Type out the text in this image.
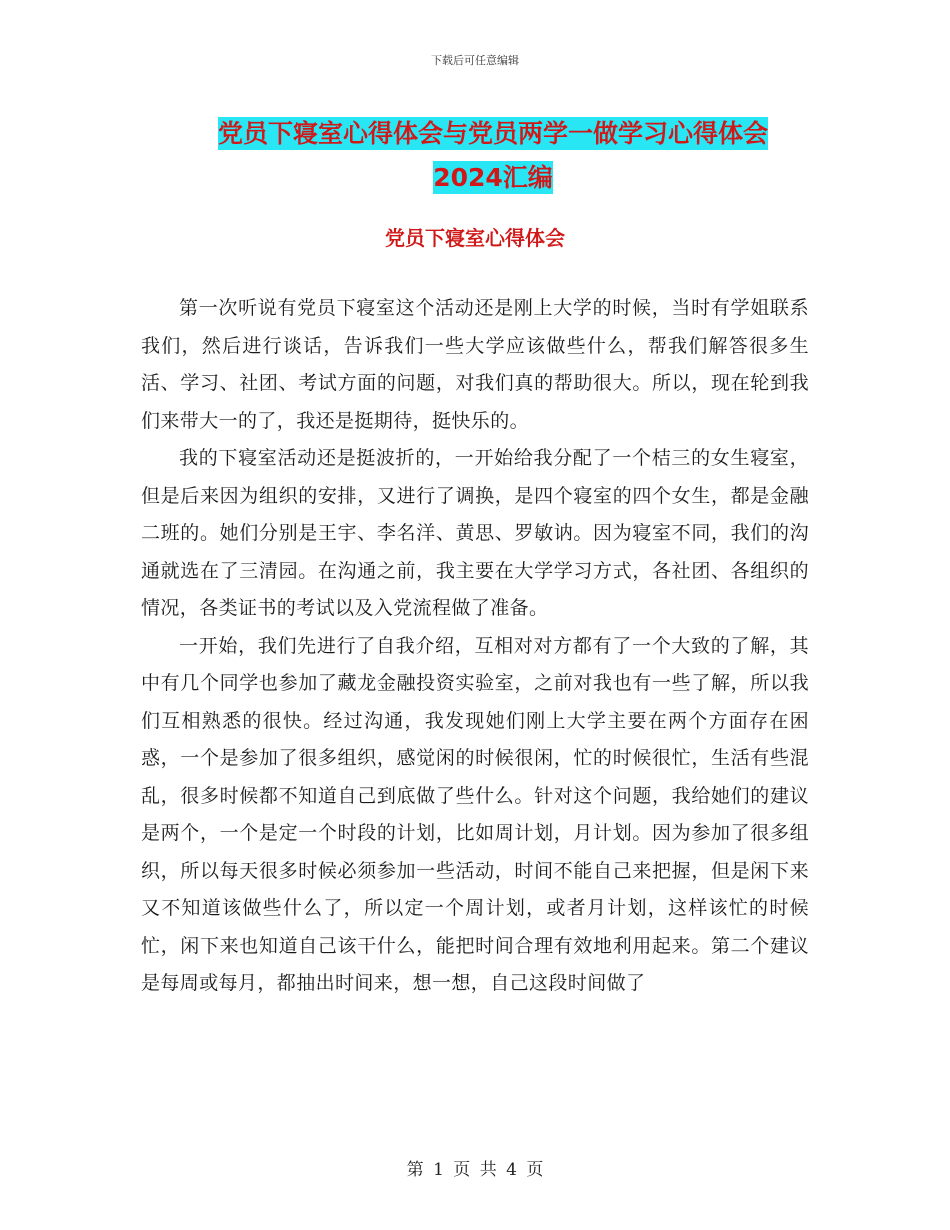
下载后可任意编辑
党员下寝室心得体会与党员两学一做学习心得体会
2024汇编
党员下寝室心得体会

第一次听说有党员下寝室这个活动还是刚上大学的时候，当时有学姐联系我们，然后进行谈话，告诉我们一些大学应该做些什么，帮我们解答很多生活、学习、社团、考试方面的问题，对我们真的帮助很大。所以，现在轮到我们来带大一的了，我还是挺期待，挺快乐的。

我的下寝室活动还是挺波折的，一开始给我分配了一个桔三的女生寝室，但是后来因为组织的安排，又进行了调换，是四个寝室的四个女生，都是金融二班的。她们分别是王宇、李名洋、黄思、罗敏讷。因为寝室不同，我们的沟通就选在了三清园。在沟通之前，我主要在大学学习方式，各社团、各组织的情况，各类证书的考试以及入党流程做了准备。

一开始，我们先进行了自我介绍，互相对对方都有了一个大致的了解，其中有几个同学也参加了藏龙金融投资实验室，之前对我也有一些了解，所以我们互相熟悉的很快。经过沟通，我发现她们刚上大学主要在两个方面存在困惑，一个是参加了很多组织，感觉闲的时候很闲，忙的时候很忙，生活有些混乱，很多时候都不知道自己到底做了些什么。针对这个问题，我给她们的建议是两个，一个是定一个时段的计划，比如周计划，月计划。因为参加了很多组织，所以每天很多时候必须参加一些活动，时间不能自己来把握，但是闲下来又不知道该做些什么了，所以定一个周计划，或者月计划，这样该忙的时候忙，闲下来也知道自己该干什么，能把时间合理有效地利用起来。第二个建议是每周或每月，都抽出时间来，想一想，自己这段时间做了

第 1 页 共 4 页
